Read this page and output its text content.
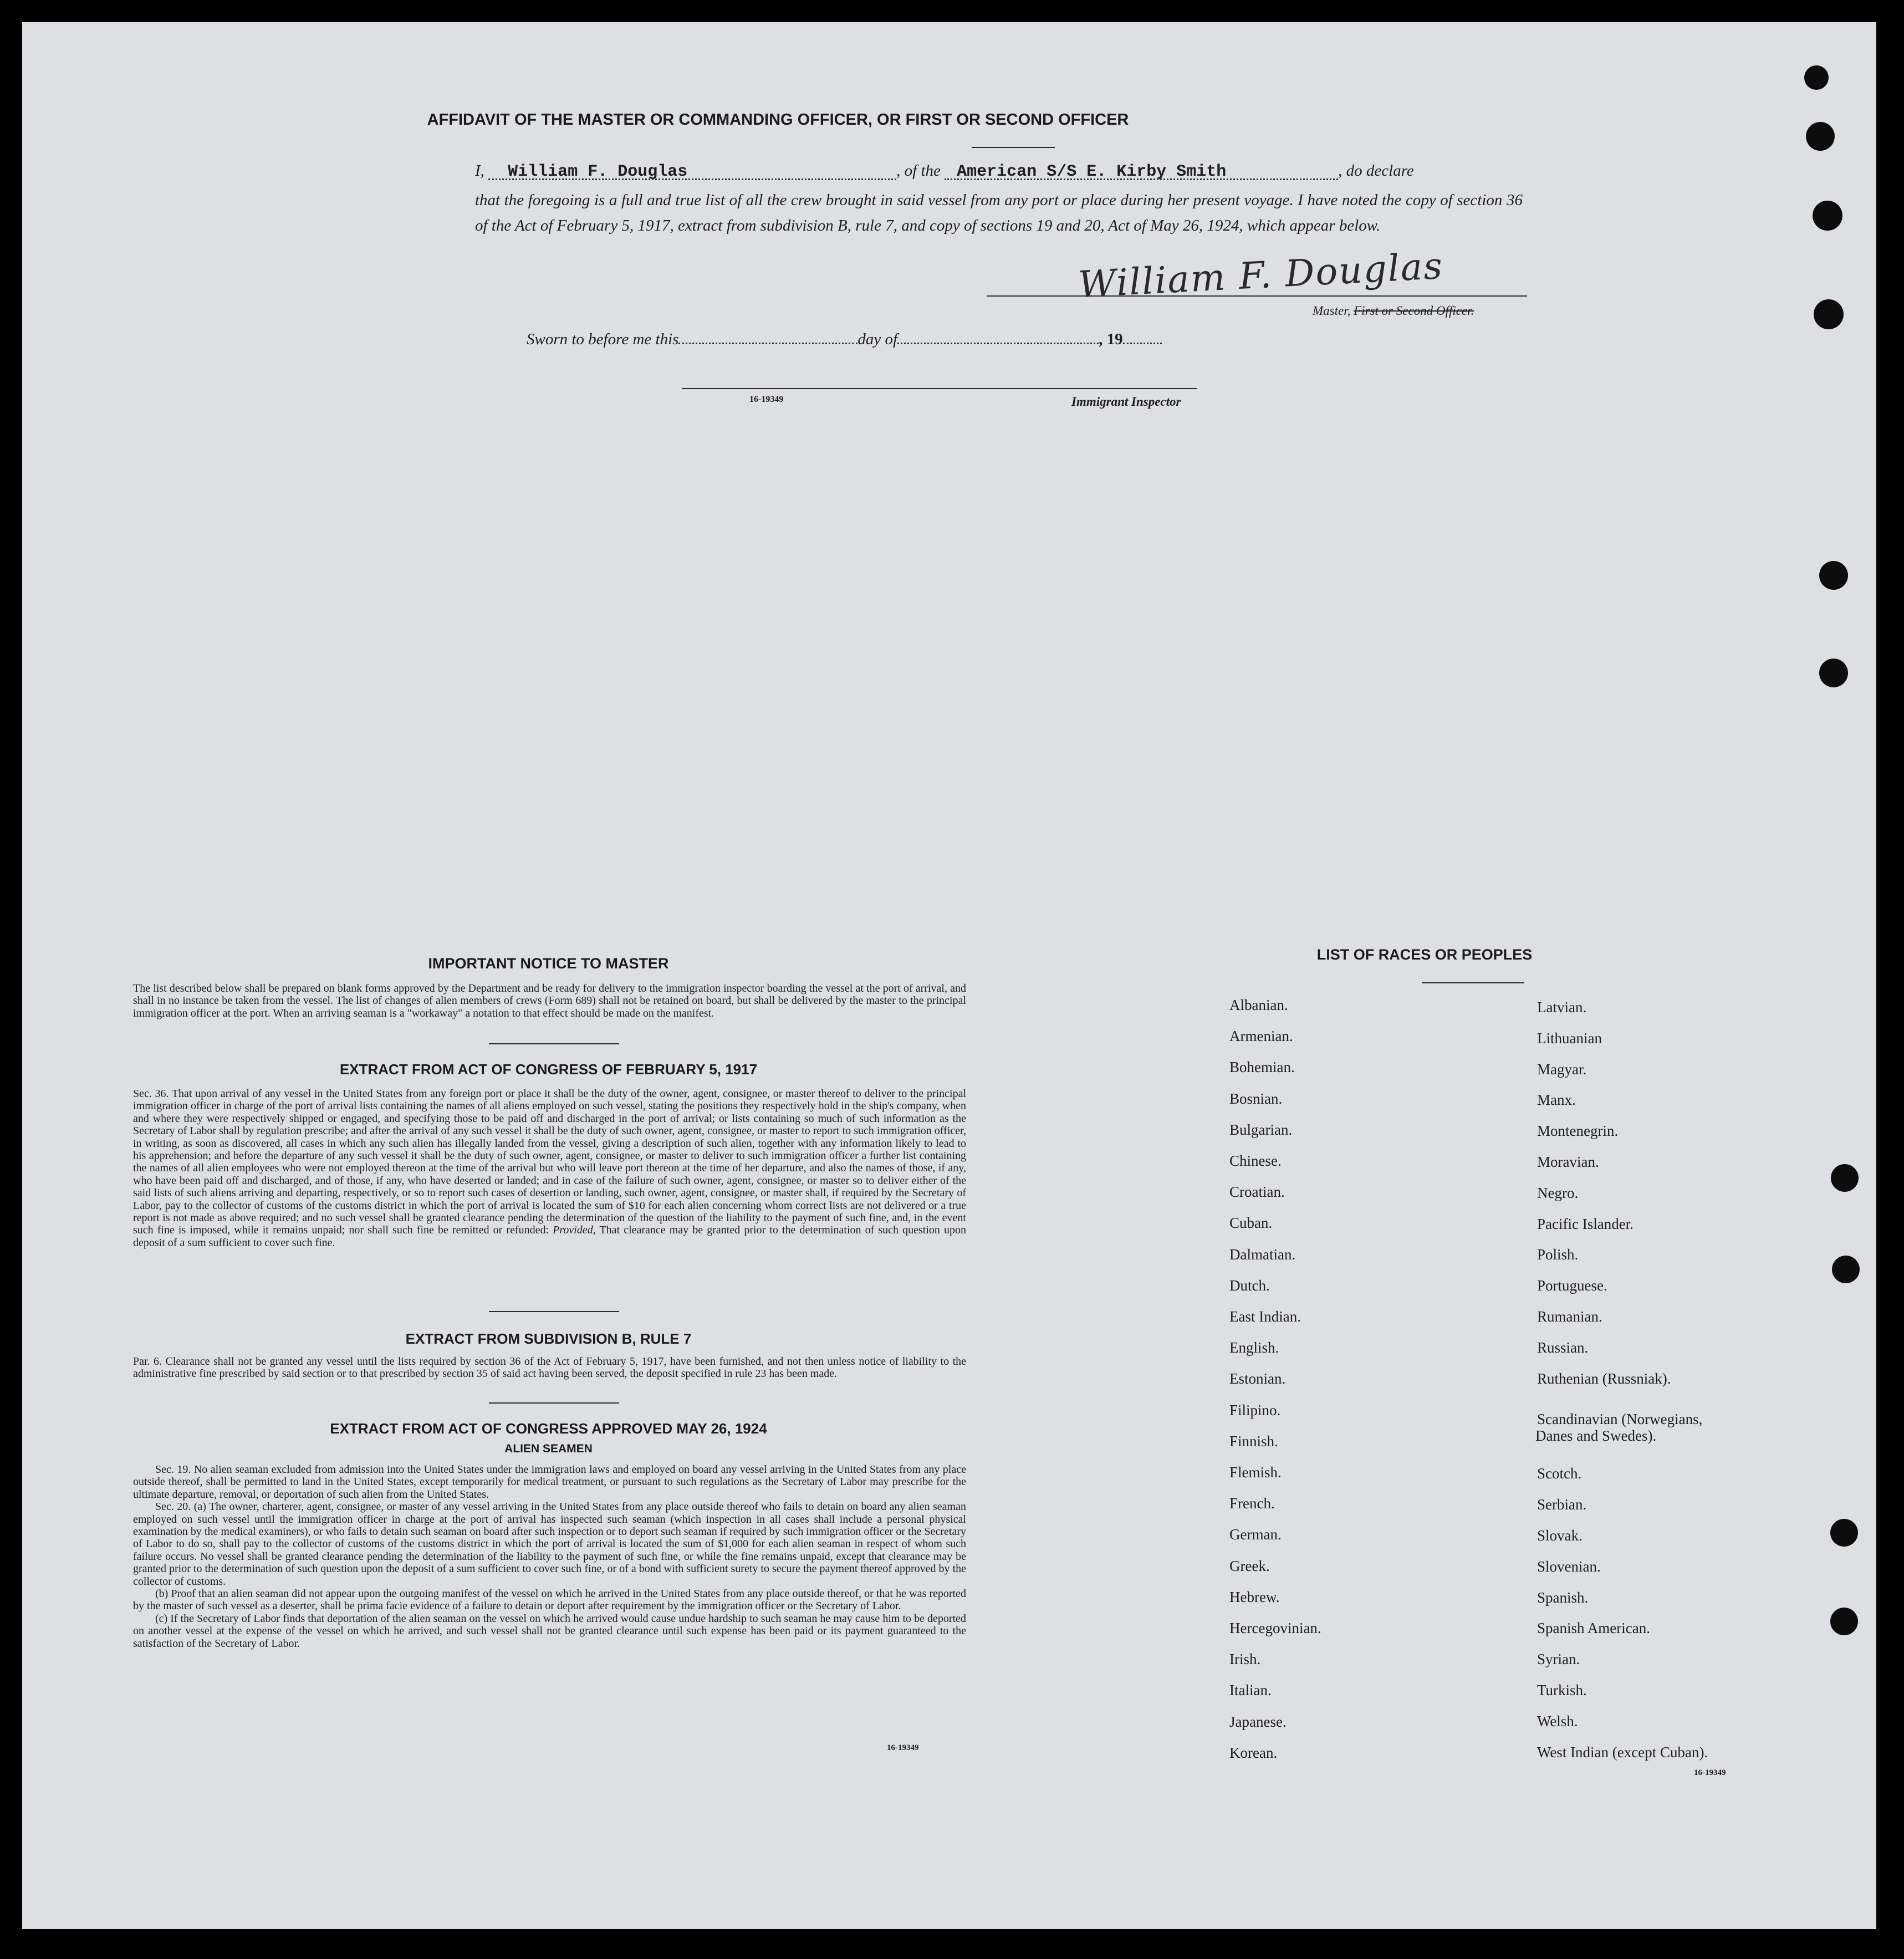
AFFIDAVIT OF THE MASTER OR COMMANDING OFFICER, OR FIRST OR SECOND OFFICER
I, William F. Douglas	, of the American S/S E. Kirby Smith	, do declare
that the foregoing is a full and true list of all the crew brought in said vessel from any port or place during her present voyage. I have noted the copy of section 36 of the Act of February 5, 1917, extract from subdivision B, rule 7, and copy of sections 19 and 20, Act of May 26, 1924, which appear below.
William F. Douglas
Master, First or Second Officer.
Sworn to before me this	day of	, 19
16-19349	Immigrant Inspector
IMPORTANT NOTICE TO MASTER
The list described below shall be prepared on blank forms approved by the Department and be ready for delivery to the immigration inspector boarding the vessel at the port of arrival, and shall in no instance be taken from the vessel. The list of changes of alien members of crews (Form 689) shall not be retained on board, but shall be delivered by the master to the principal immigration officer at the port. When an arriving seaman is a "workaway" a notation to that effect should be made on the manifest.
EXTRACT FROM ACT OF CONGRESS OF FEBRUARY 5, 1917
Sec. 36. That upon arrival of any vessel in the United States from any foreign port or place it shall be the duty of the owner, agent, consignee, or master thereof to deliver to the principal immigration officer in charge of the port of arrival lists containing the names of all aliens employed on such vessel, stating the positions they respectively hold in the ship's company, when and where they were respectively shipped or engaged, and specifying those to be paid off and discharged in the port of arrival; or lists containing so much of such information as the Secretary of Labor shall by regulation prescribe; and after the arrival of any such vessel it shall be the duty of such owner, agent, consignee, or master to report to such immigration officer, in writing, as soon as discovered, all cases in which any such alien has illegally landed from the vessel, giving a description of such alien, together with any information likely to lead to his apprehension; and before the departure of any such vessel it shall be the duty of such owner, agent, consignee, or master to deliver to such immigration officer a further list containing the names of all alien employees who were not employed thereon at the time of the arrival but who will leave port thereon at the time of her departure, and also the names of those, if any, who have been paid off and discharged, and of those, if any, who have deserted or landed; and in case of the failure of such owner, agent, consignee, or master so to deliver either of the said lists of such aliens arriving and departing, respectively, or so to report such cases of desertion or landing, such owner, agent, consignee, or master shall, if required by the Secretary of Labor, pay to the collector of customs of the customs district in which the port of arrival is located the sum of $10 for each alien concerning whom correct lists are not delivered or a true report is not made as above required; and no such vessel shall be granted clearance pending the determination of the question of the liability to the payment of such fine, and, in the event such fine is imposed, while it remains unpaid; nor shall such fine be remitted or refunded: Provided, That clearance may be granted prior to the determination of such question upon deposit of a sum sufficient to cover such fine.
EXTRACT FROM SUBDIVISION B, RULE 7
Par. 6. Clearance shall not be granted any vessel until the lists required by section 36 of the Act of February 5, 1917, have been furnished, and not then unless notice of liability to the administrative fine prescribed by said section or to that prescribed by section 35 of said act having been served, the deposit specified in rule 23 has been made.
EXTRACT FROM ACT OF CONGRESS APPROVED MAY 26, 1924
ALIEN SEAMEN
Sec. 19. No alien seaman excluded from admission into the United States under the immigration laws and employed on board any vessel arriving in the United States from any place outside thereof, shall be permitted to land in the United States, except temporarily for medical treatment, or pursuant to such regulations as the Secretary of Labor may prescribe for the ultimate departure, removal, or deportation of such alien from the United States.
Sec. 20. (a) The owner, charterer, agent, consignee, or master of any vessel arriving in the United States from any place outside thereof who fails to detain on board any alien seaman employed on such vessel until the immigration officer in charge at the port of arrival has inspected such seaman (which inspection in all cases shall include a personal physical examination by the medical examiners), or who fails to detain such seaman on board after such inspection or to deport such seaman if required by such immigration officer or the Secretary of Labor to do so, shall pay to the collector of customs of the customs district in which the port of arrival is located the sum of $1,000 for each alien seaman in respect of whom such failure occurs. No vessel shall be granted clearance pending the determination of the liability to the payment of such fine, or while the fine remains unpaid, except that clearance may be granted prior to the determination of such question upon the deposit of a sum sufficient to cover such fine, or of a bond with sufficient surety to secure the payment thereof approved by the collector of customs.
(b) Proof that an alien seaman did not appear upon the outgoing manifest of the vessel on which he arrived in the United States from any place outside thereof, or that he was reported by the master of such vessel as a deserter, shall be prima facie evidence of a failure to detain or deport after requirement by the immigration officer or the Secretary of Labor.
(c) If the Secretary of Labor finds that deportation of the alien seaman on the vessel on which he arrived would cause undue hardship to such seaman he may cause him to be deported on another vessel at the expense of the vessel on which he arrived, and such vessel shall not be granted clearance until such expense has been paid or its payment guaranteed to the satisfaction of the Secretary of Labor.
16-19349
LIST OF RACES OR PEOPLES
16-19349
Albanian.
Armenian.
Bohemian.
Bosnian.
Bulgarian.
Chinese.
Croatian.
Cuban.
Dalmatian.
Dutch.
East Indian.
English.
Estonian.
Filipino.
Finnish.
Flemish.
French.
German.
Greek.
Hebrew.
Hercegovinian.
Irish.
Italian.
Japanese.
Korean.
Latvian.
Lithuanian
Magyar.
Manx.
Montenegrin.
Moravian.
Negro.
Pacific Islander.
Polish.
Portuguese.
Rumanian.
Russian.
Ruthenian (Russniak).
Scandinavian (Norwegians,
Danes and Swedes).
Scotch.
Serbian.
Slovak.
Slovenian.
Spanish.
Spanish American.
Syrian.
Turkish.
Welsh.
West Indian (except Cuban).
